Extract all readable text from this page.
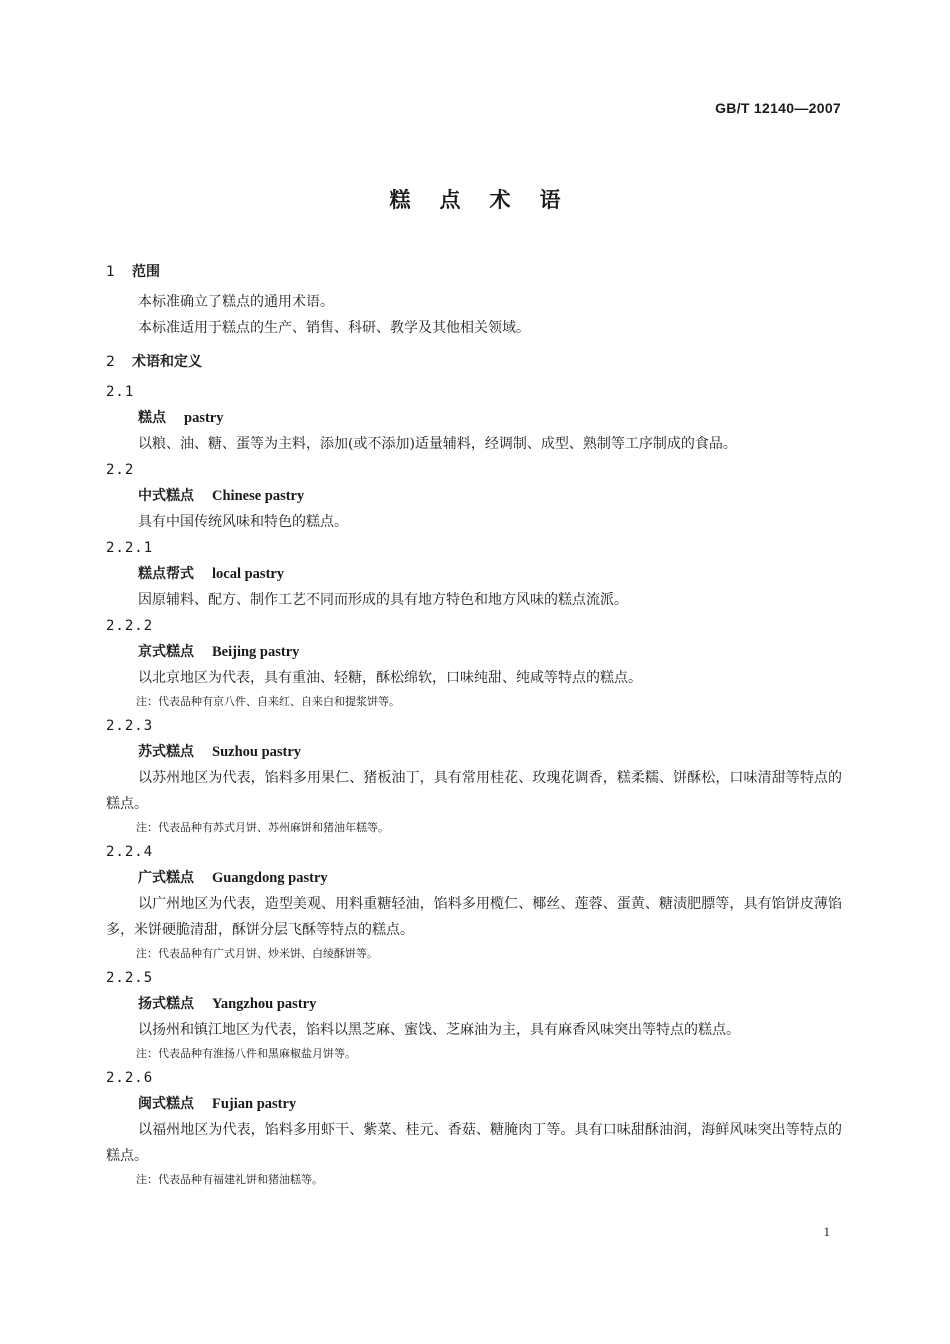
GB/T 12140—2007
糕点术语
1 范围
本标准确立了糕点的通用术语。
本标准适用于糕点的生产、销售、科研、教学及其他相关领域。
2 术语和定义
2.1
糕点 pastry
以粮、油、糖、蛋等为主料，添加(或不添加)适量辅料，经调制、成型、熟制等工序制成的食品。
2.2
中式糕点 Chinese pastry
具有中国传统风味和特色的糕点。
2.2.1
糕点帮式 local pastry
因原辅料、配方、制作工艺不同而形成的具有地方特色和地方风味的糕点流派。
2.2.2
京式糕点 Beijing pastry
以北京地区为代表，具有重油、轻糖，酥松绵软，口味纯甜、纯咸等特点的糕点。
注：代表品种有京八件、自来红、自来白和提浆饼等。
2.2.3
苏式糕点 Suzhou pastry
以苏州地区为代表，馅料多用果仁、猪板油丁，具有常用桂花、玫瑰花调香，糕柔糯、饼酥松，口味清甜等特点的糕点。
注：代表品种有苏式月饼、苏州麻饼和猪油年糕等。
2.2.4
广式糕点 Guangdong pastry
以广州地区为代表，造型美观、用料重糖轻油，馅料多用榄仁、椰丝、莲蓉、蛋黄、糖渍肥膘等，具有馅饼皮薄馅多，米饼硬脆清甜，酥饼分层飞酥等特点的糕点。
注：代表品种有广式月饼、炒米饼、白绫酥饼等。
2.2.5
扬式糕点 Yangzhou pastry
以扬州和镇江地区为代表，馅料以黑芝麻、蜜饯、芝麻油为主，具有麻香风味突出等特点的糕点。
注：代表品种有淮扬八件和黑麻椒盐月饼等。
2.2.6
闽式糕点 Fujian pastry
以福州地区为代表，馅料多用虾干、紫菜、桂元、香菇、糖腌肉丁等。具有口味甜酥油润，海鲜风味突出等特点的糕点。
注：代表品种有福建礼饼和猪油糕等。
1
